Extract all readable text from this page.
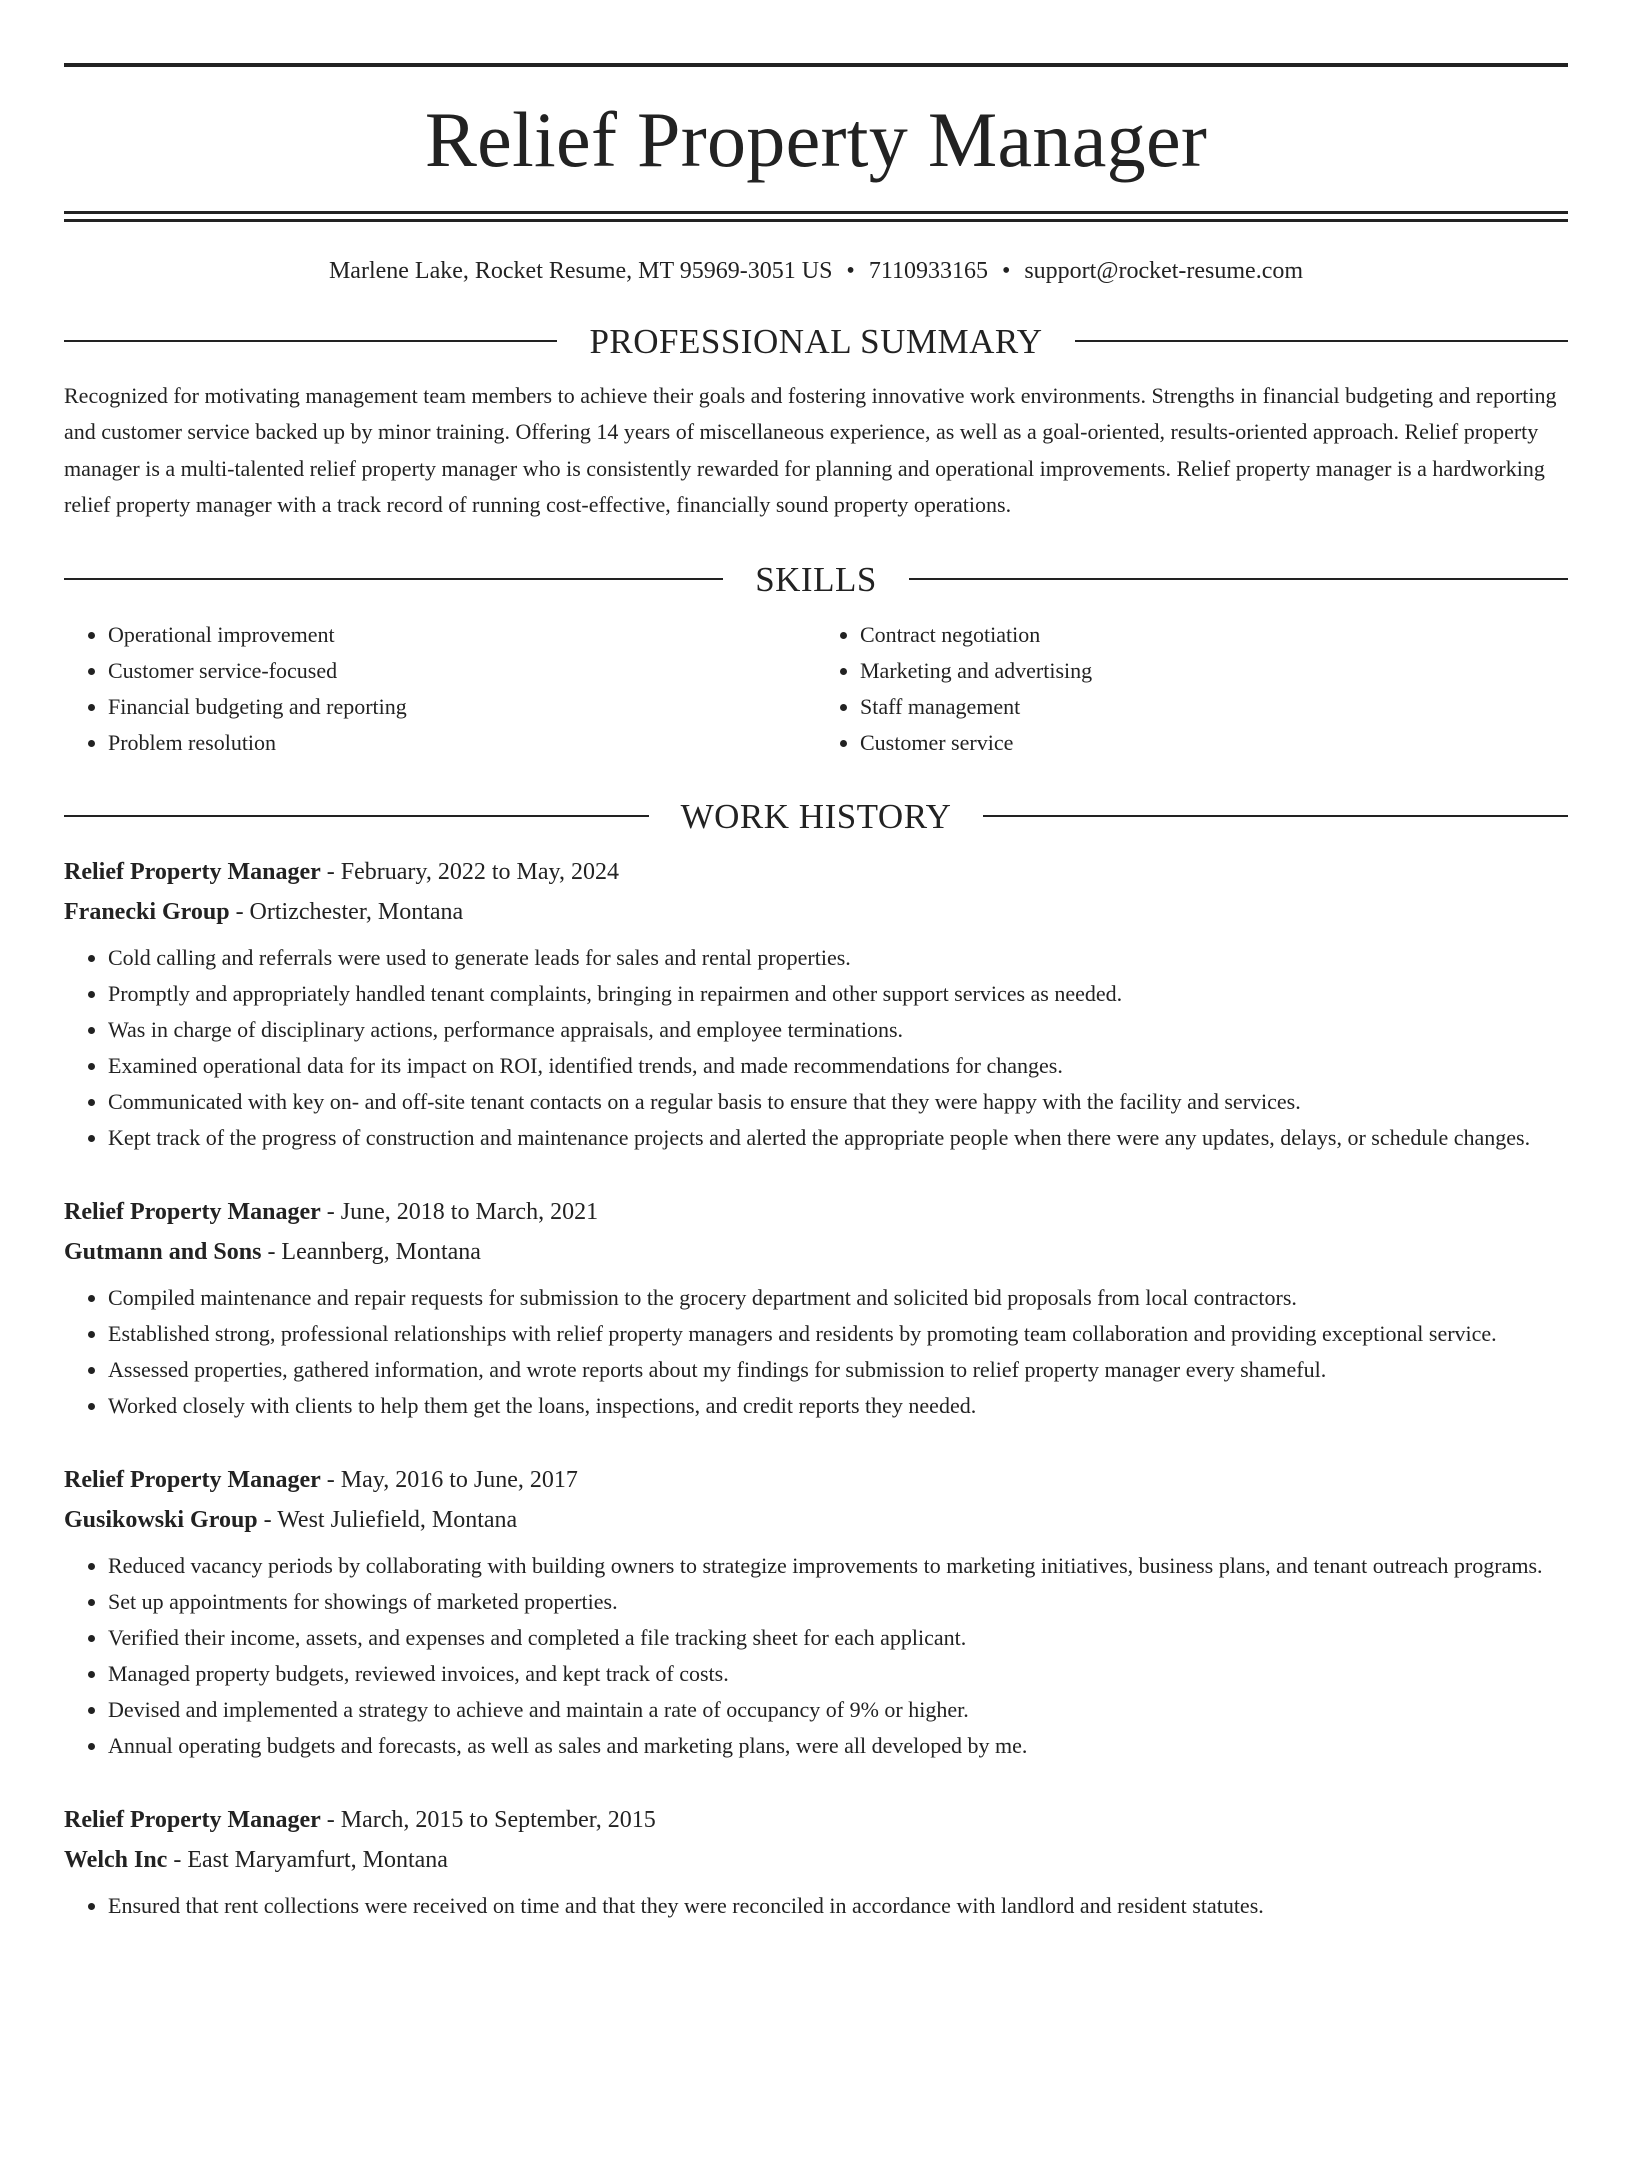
Relief Property Manager
Marlene Lake, Rocket Resume, MT 95969-3051 US • 7110933165 • support@rocket-resume.com
PROFESSIONAL SUMMARY
Recognized for motivating management team members to achieve their goals and fostering innovative work environments. Strengths in financial budgeting and reporting and customer service backed up by minor training. Offering 14 years of miscellaneous experience, as well as a goal-oriented, results-oriented approach. Relief property manager is a multi-talented relief property manager who is consistently rewarded for planning and operational improvements. Relief property manager is a hardworking relief property manager with a track record of running cost-effective, financially sound property operations.
SKILLS
• Operational improvement
• Customer service-focused
• Financial budgeting and reporting
• Problem resolution
• Contract negotiation
• Marketing and advertising
• Staff management
• Customer service
WORK HISTORY
Relief Property Manager - February, 2022 to May, 2024
Franecki Group - Ortizchester, Montana
• Cold calling and referrals were used to generate leads for sales and rental properties.
• Promptly and appropriately handled tenant complaints, bringing in repairmen and other support services as needed.
• Was in charge of disciplinary actions, performance appraisals, and employee terminations.
• Examined operational data for its impact on ROI, identified trends, and made recommendations for changes.
• Communicated with key on- and off-site tenant contacts on a regular basis to ensure that they were happy with the facility and services.
• Kept track of the progress of construction and maintenance projects and alerted the appropriate people when there were any updates, delays, or schedule changes.
Relief Property Manager - June, 2018 to March, 2021
Gutmann and Sons - Leannberg, Montana
• Compiled maintenance and repair requests for submission to the grocery department and solicited bid proposals from local contractors.
• Established strong, professional relationships with relief property managers and residents by promoting team collaboration and providing exceptional service.
• Assessed properties, gathered information, and wrote reports about my findings for submission to relief property manager every shameful.
• Worked closely with clients to help them get the loans, inspections, and credit reports they needed.
Relief Property Manager - May, 2016 to June, 2017
Gusikowski Group - West Juliefield, Montana
• Reduced vacancy periods by collaborating with building owners to strategize improvements to marketing initiatives, business plans, and tenant outreach programs.
• Set up appointments for showings of marketed properties.
• Verified their income, assets, and expenses and completed a file tracking sheet for each applicant.
• Managed property budgets, reviewed invoices, and kept track of costs.
• Devised and implemented a strategy to achieve and maintain a rate of occupancy of 9% or higher.
• Annual operating budgets and forecasts, as well as sales and marketing plans, were all developed by me.
Relief Property Manager - March, 2015 to September, 2015
Welch Inc - East Maryamfurt, Montana
• Ensured that rent collections were received on time and that they were reconciled in accordance with landlord and resident statutes.
